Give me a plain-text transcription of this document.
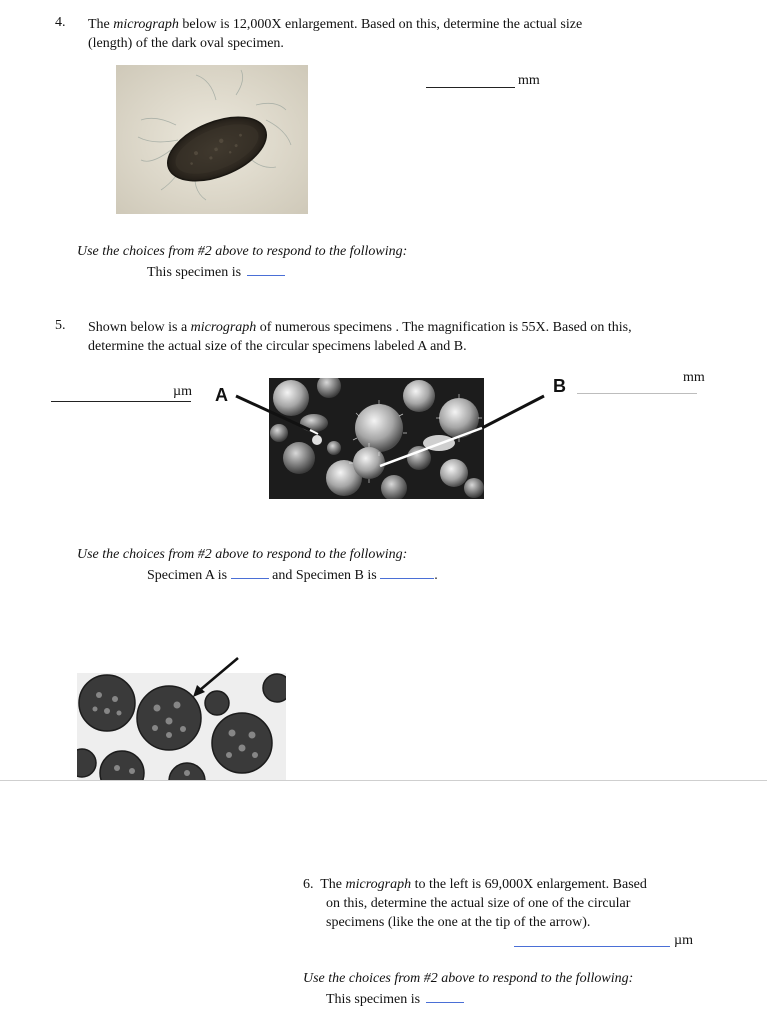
4. The micrograph below is 12,000X enlargement. Based on this, determine the actual size
(length) of the dark oval specimen.
mm
Use the choices from #2 above to respond to the following:
This specimen is
5. Shown below is a micrograph of numerous specimens . The magnification is 55X. Based on this,
determine the actual size of the circular specimens labeled A and B.
µm A	B	mm
Use the choices from #2 above to respond to the following:
Specimen A is	and Specimen B is	.
6. The micrograph to the left is 69,000X enlargement. Based
on this, determine the actual size of one of the circular
specimens (like the one at the tip of the arrow).
µm
Use the choices from #2 above to respond to the following:
This specimen is
